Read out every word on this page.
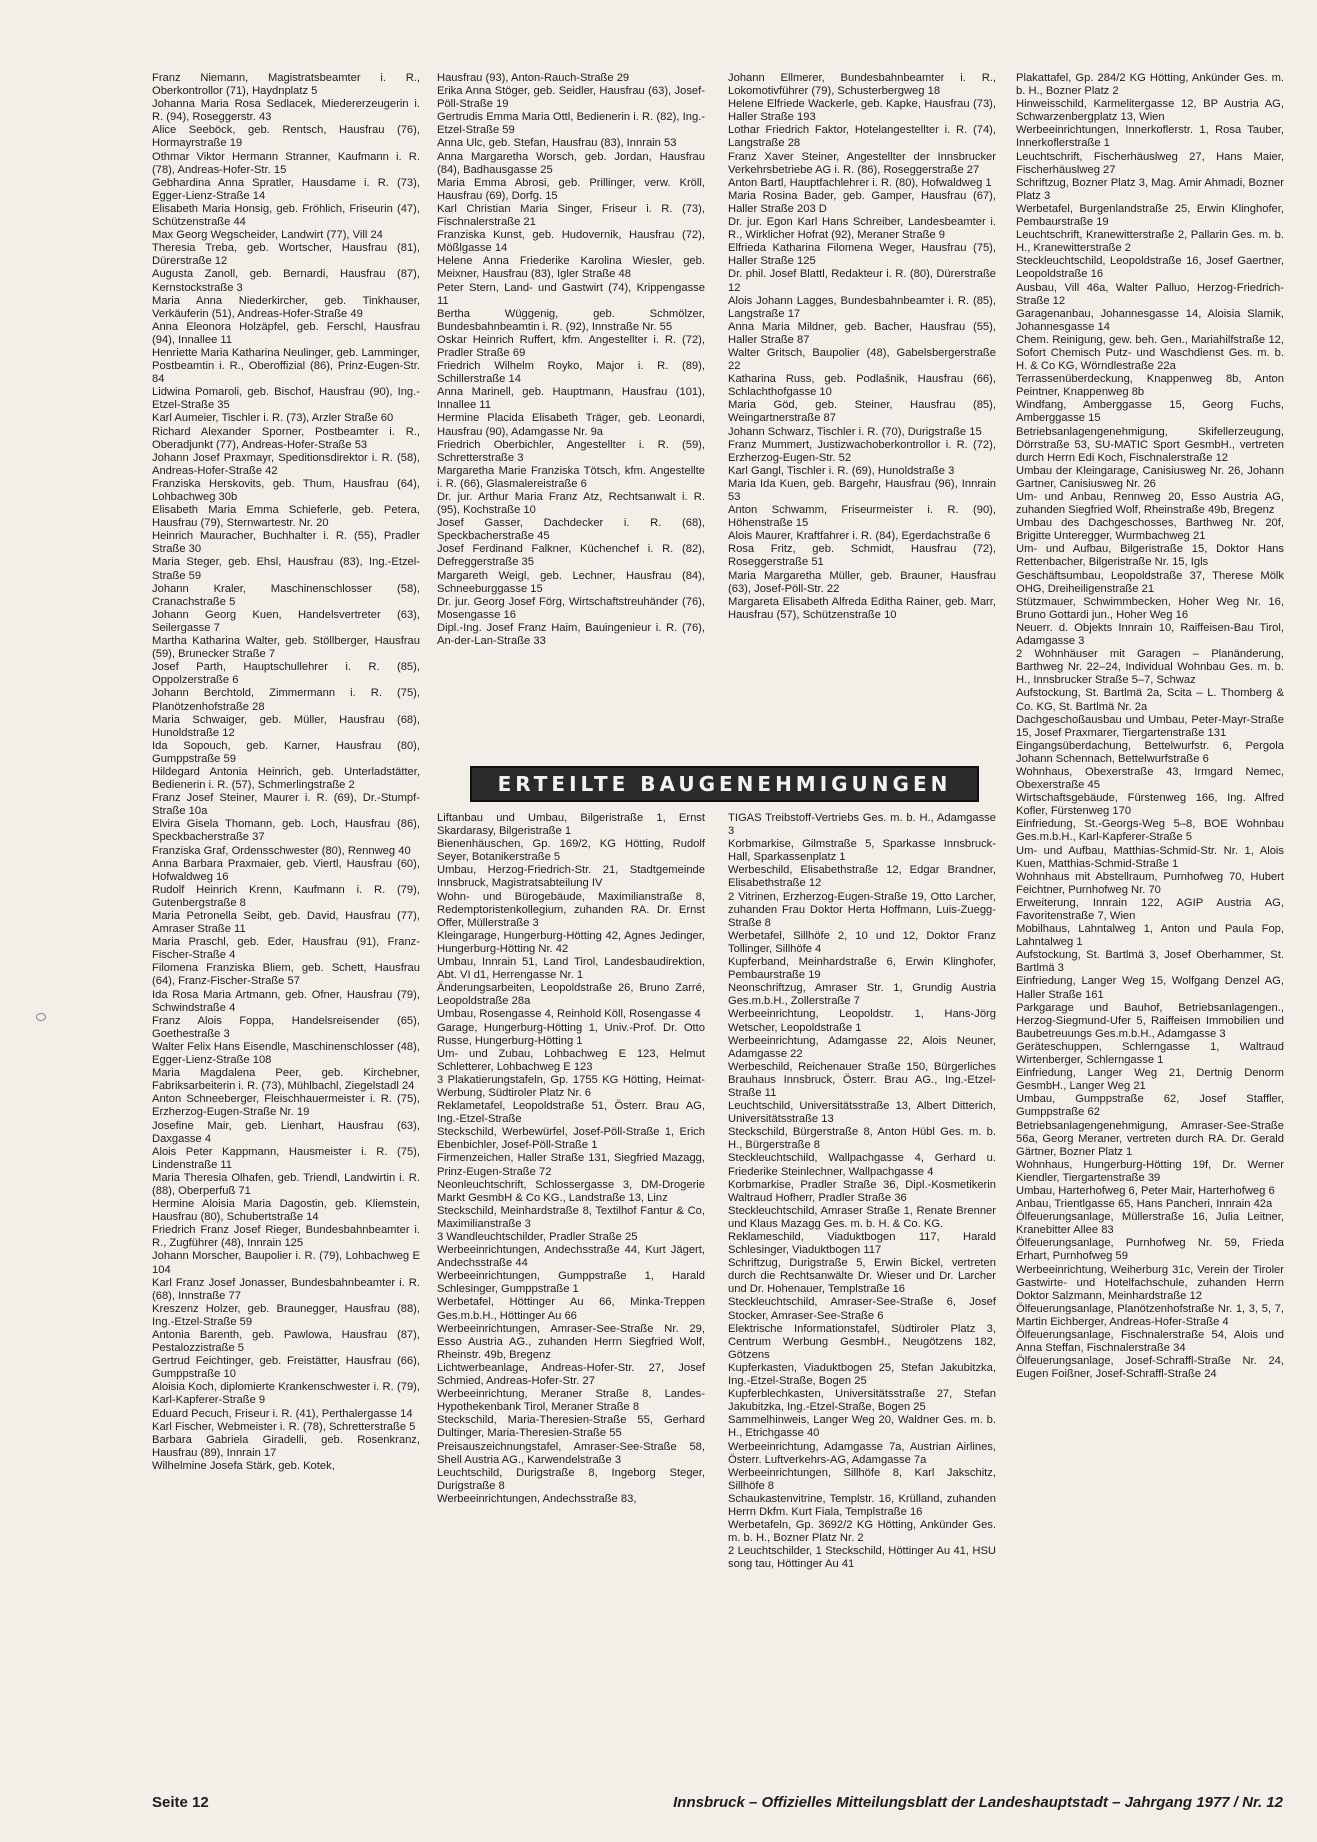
Franz Niemann, Magistratsbeamter i. R., Oberkontrollor (71), Haydnplatz 5

Johanna Maria Rosa Sedlacek, Miedererzeugerin i. R. (94), Roseggerstr. 43

Alice Seeböck, geb. Rentsch, Hausfrau (76), Hormayrstraße 19

Othmar Viktor Hermann Stranner, Kaufmann i. R. (78), Andreas-Hofer-Str. 15

Gebhardina Anna Spratler, Hausdame i. R. (73), Egger-Lienz-Straße 14

Elisabeth Maria Honsig, geb. Fröhlich, Friseurin (47), Schützenstraße 44

Max Georg Wegscheider, Landwirt (77), Vill 24

Theresia Treba, geb. Wortscher, Hausfrau (81), Dürerstraße 12

Augusta Zanoll, geb. Bernardi, Hausfrau (87), Kernstockstraße 3

Maria Anna Niederkircher, geb. Tinkhauser, Verkäuferin (51), Andreas-Hofer-Straße 49

Anna Eleonora Holzäpfel, geb. Ferschl, Hausfrau (94), Innallee 11

Henriette Maria Katharina Neulinger, geb. Lamminger, Postbeamtin i. R., Oberoffizial (86), Prinz-Eugen-Str. 84

Lidwina Pomaroli, geb. Bischof, Hausfrau (90), Ing.-Etzel-Straße 35

Karl Aumeier, Tischler i. R. (73), Arzler Straße 60

Richard Alexander Sporner, Postbeamter i. R., Oberadjunkt (77), Andreas-Hofer-Straße 53

Johann Josef Praxmayr, Speditionsdirektor i. R. (58), Andreas-Hofer-Straße 42

Franziska Herskovits, geb. Thum, Hausfrau (64), Lohbachweg 30b

Elisabeth Maria Emma Schieferle, geb. Petera, Hausfrau (79), Sternwartestr. Nr. 20

Heinrich Mauracher, Buchhalter i. R. (55), Pradler Straße 30

Maria Steger, geb. Ehsl, Hausfrau (83), Ing.-Etzel-Straße 59

Johann Kraler, Maschinenschlosser (58), Cranachstraße 5

Johann Georg Kuen, Handelsvertreter (63), Seilergasse 7

Martha Katharina Walter, geb. Stöllberger, Hausfrau (59), Brunecker Straße 7

Josef Parth, Hauptschullehrer i. R. (85), Oppolzerstraße 6

Johann Berchtold, Zimmermann i. R. (75), Planötzenhofstraße 28

Maria Schwaiger, geb. Müller, Hausfrau (68), Hunoldstraße 12

Ida Sopouch, geb. Karner, Hausfrau (80), Gumppstraße 59

Hildegard Antonia Heinrich, geb. Unterladstätter, Bedienerin i. R. (57), Schmerlingstraße 2

Franz Josef Steiner, Maurer i. R. (69), Dr.-Stumpf-Straße 10a

Elvira Gisela Thomann, geb. Loch, Hausfrau (86), Speckbacherstraße 37

Franziska Graf, Ordensschwester (80), Rennweg 40

Anna Barbara Praxmaier, geb. Viertl, Hausfrau (60), Hofwaldweg 16

Rudolf Heinrich Krenn, Kaufmann i. R. (79), Gutenbergstraße 8

Maria Petronella Seibt, geb. David, Hausfrau (77), Amraser Straße 11

Maria Praschl, geb. Eder, Hausfrau (91), Franz-Fischer-Straße 4

Filomena Franziska Bliem, geb. Schett, Hausfrau (64), Franz-Fischer-Straße 57

Ida Rosa Maria Artmann, geb. Ofner, Hausfrau (79), Schwindstraße 4

Franz Alois Foppa, Handelsreisender (65), Goethestraße 3

Walter Felix Hans Eisendle, Maschinenschlosser (48), Egger-Lienz-Straße 108

Maria Magdalena Peer, geb. Kirchebner, Fabriksarbeiterin i. R. (73), Mühlbachl, Ziegelstadl 24

Anton Schneeberger, Fleischhauermeister i. R. (75), Erzherzog-Eugen-Straße Nr. 19

Josefine Mair, geb. Lienhart, Hausfrau (63), Daxgasse 4

Alois Peter Kappmann, Hausmeister i. R. (75), Lindenstraße 11

Maria Theresia Olhafen, geb. Triendl, Landwirtin i. R. (88), Oberperfuß 71

Hermine Aloisia Maria Dagostin, geb. Kliemstein, Hausfrau (80), Schubertstraße 14

Friedrich Franz Josef Rieger, Bundesbahnbeamter i. R., Zugführer (48), Innrain 125

Johann Morscher, Baupolier i. R. (79), Lohbachweg E 104

Karl Franz Josef Jonasser, Bundesbahnbeamter i. R. (68), Innstraße 77

Kreszenz Holzer, geb. Braunegger, Hausfrau (88), Ing.-Etzel-Straße 59

Antonia Barenth, geb. Pawlowa, Hausfrau (87), Pestalozzistraße 5

Gertrud Feichtinger, geb. Freistätter, Hausfrau (66), Gumppstraße 10

Aloisia Koch, diplomierte Krankenschwester i. R. (79), Karl-Kapferer-Straße 9

Eduard Pecuch, Friseur i. R. (41), Perthalergasse 14

Karl Fischer, Webmeister i. R. (78), Schretterstraße 5

Barbara Gabriela Giradelli, geb. Rosenkranz, Hausfrau (89), Innrain 17

Wilhelmine Josefa Stärk, geb. Kotek,

Hausfrau (93), Anton-Rauch-Straße 29

Erika Anna Stöger, geb. Seidler, Hausfrau (63), Josef-Pöll-Straße 19

Gertrudis Emma Maria Ottl, Bedienerin i. R. (82), Ing.-Etzel-Straße 59

Anna Ulc, geb. Stefan, Hausfrau (83), Innrain 53

Anna Margaretha Worsch, geb. Jordan, Hausfrau (84), Badhausgasse 25

Maria Emma Abrosi, geb. Prillinger, verw. Kröll, Hausfrau (69), Dorfg. 15

Karl Christian Maria Singer, Friseur i. R. (73), Fischnalerstraße 21

Franziska Kunst, geb. Hudovernik, Hausfrau (72), Mößlgasse 14

Helene Anna Friederike Karolina Wiesler, geb. Meixner, Hausfrau (83), Igler Straße 48

Peter Stern, Land- und Gastwirt (74), Krippengasse 11

Bertha Wüggenig, geb. Schmölzer, Bundesbahnbeamtin i. R. (92), Innstraße Nr. 55

Oskar Heinrich Ruffert, kfm. Angestellter i. R. (72), Pradler Straße 69

Friedrich Wilhelm Royko, Major i. R. (89), Schillerstraße 14

Anna Marinell, geb. Hauptmann, Hausfrau (101), Innallee 11

Hermine Placida Elisabeth Träger, geb. Leonardi, Hausfrau (90), Adamgasse Nr. 9a

Friedrich Oberbichler, Angestellter i. R. (59), Schretterstraße 3

Margaretha Marie Franziska Tötsch, kfm. Angestellte i. R. (66), Glasmalereistraße 6

Dr. jur. Arthur Maria Franz Atz, Rechtsanwalt i. R. (95), Kochstraße 10

Josef Gasser, Dachdecker i. R. (68), Speckbacherstraße 45

Josef Ferdinand Falkner, Küchenchef i. R. (82), Defreggerstraße 35

Margareth Weigl, geb. Lechner, Hausfrau (84), Schneeburggasse 15

Dr. jur. Georg Josef Förg, Wirtschaftstreuhänder (76), Mosengasse 16

Dipl.-Ing. Josef Franz Haim, Bauingenieur i. R. (76), An-der-Lan-Straße 33

Johann Ellmerer, Bundesbahnbeamter i. R., Lokomotivführer (79), Schusterbergweg 18

Helene Elfriede Wackerle, geb. Kapke, Hausfrau (73), Haller Straße 193

Lothar Friedrich Faktor, Hotelangestellter i. R. (74), Langstraße 28

Franz Xaver Steiner, Angestellter der Innsbrucker Verkehrsbetriebe AG i. R. (86), Roseggerstraße 27

Anton Bartl, Hauptfachlehrer i. R. (80), Hofwaldweg 1

Maria Rosina Bader, geb. Gamper, Hausfrau (67), Haller Straße 203 D

Dr. jur. Egon Karl Hans Schreiber, Landesbeamter i. R., Wirklicher Hofrat (92), Meraner Straße 9

Elfrieda Katharina Filomena Weger, Hausfrau (75), Haller Straße 125

Dr. phil. Josef Blattl, Redakteur i. R. (80), Dürerstraße 12

Alois Johann Lagges, Bundesbahnbeamter i. R. (85), Langstraße 17

Anna Maria Mildner, geb. Bacher, Hausfrau (55), Haller Straße 87

Walter Gritsch, Baupolier (48), Gabelsbergerstraße 22

Katharina Russ, geb. Podlašnik, Hausfrau (66), Schlachthofgasse 10

Maria Göd, geb. Steiner, Hausfrau (85), Weingartnerstraße 87

Johann Schwarz, Tischler i. R. (70), Durigstraße 15

Franz Mummert, Justizwachoberkontrollor i. R. (72), Erzherzog-Eugen-Str. 52

Karl Gangl, Tischler i. R. (69), Hunoldstraße 3

Maria Ida Kuen, geb. Bargehr, Hausfrau (96), Innrain 53

Anton Schwamm, Friseurmeister i. R. (90), Höhenstraße 15

Alois Maurer, Kraftfahrer i. R. (84), Egerdachstraße 6

Rosa Fritz, geb. Schmidt, Hausfrau (72), Roseggerstraße 51

Maria Margaretha Müller, geb. Brauner, Hausfrau (63), Josef-Pöll-Str. 22

Margareta Elisabeth Alfreda Editha Rainer, geb. Marr, Hausfrau (57), Schützenstraße 10

Plakattafel, Gp. 284/2 KG Hötting, Ankünder Ges. m. b. H., Bozner Platz 2

Hinweisschild, Karmelitergasse 12, BP Austria AG, Schwarzenbergplatz 13, Wien

Werbeeinrichtungen, Innerkoflerstr. 1, Rosa Tauber, Innerkoflerstraße 1

Leuchtschrift, Fischerhäuslweg 27, Hans Maier, Fischerhäuslweg 27

Schriftzug, Bozner Platz 3, Mag. Amir Ahmadi, Bozner Platz 3

Werbetafel, Burgenlandstraße 25, Erwin Klinghofer, Pembaurstraße 19

Leuchtschrift, Kranewitterstraße 2, Pallarin Ges. m. b. H., Kranewitterstraße 2

Steckleuchtschild, Leopoldstraße 16, Josef Gaertner, Leopoldstraße 16

Ausbau, Vill 46a, Walter Palluo, Herzog-Friedrich-Straße 12

Garagenanbau, Johannesgasse 14, Aloisia Slamik, Johannesgasse 14

Chem. Reinigung, gew. beh. Gen., Mariahilfstraße 12, Sofort Chemisch Putz- und Waschdienst Ges. m. b. H. & Co KG, Wörndlestraße 22a

Terrassenüberdeckung, Knappenweg 8b, Anton Peintner, Knappenweg 8b

Windfang, Amberggasse 15, Georg Fuchs, Amberggasse 15

Betriebsanlagengenehmigung, Skifellerzeugung, Dörrstraße 53, SU-MATIC Sport GesmbH., vertreten durch Herrn Edi Koch, Fischnalerstraße 12

Umbau der Kleingarage, Canisiusweg Nr. 26, Johann Gartner, Canisiusweg Nr. 26

Um- und Anbau, Rennweg 20, Esso Austria AG, zuhanden Siegfried Wolf, Rheinstraße 49b, Bregenz

Umbau des Dachgeschosses, Barthweg Nr. 20f, Brigitte Unteregger, Wurmbachweg 21

Um- und Aufbau, Bilgeristraße 15, Doktor Hans Rettenbacher, Bilgeristraße Nr. 15, Igls

Geschäftsumbau, Leopoldstraße 37, Therese Mölk OHG, Dreiheiligenstraße 21

Stützmauer, Schwimmbecken, Hoher Weg Nr. 16, Bruno Gottardi jun., Hoher Weg 16

Neuerr. d. Objekts Innrain 10, Raiffeisen-Bau Tirol, Adamgasse 3

2 Wohnhäuser mit Garagen – Planänderung, Barthweg Nr. 22–24, Individual Wohnbau Ges. m. b. H., Innsbrucker Straße 5–7, Schwaz

Aufstockung, St. Bartlmä 2a, Scita – L. Thomberg & Co. KG, St. Bartlmä Nr. 2a

Dachgeschoßausbau und Umbau, Peter-Mayr-Straße 15, Josef Praxmarer, Tiergartenstraße 131

Eingangsüberdachung, Bettelwurfstr. 6, Pergola Johann Schennach, Bettelwurfstraße 6

Wohnhaus, Obexerstraße 43, Irmgard Nemec, Obexerstraße 45

Wirtschaftsgebäude, Fürstenweg 166, Ing. Alfred Kofler, Fürstenweg 170

Einfriedung, St.-Georgs-Weg 5–8, BOE Wohnbau Ges.m.b.H., Karl-Kapferer-Straße 5

Um- und Aufbau, Matthias-Schmid-Str. Nr. 1, Alois Kuen, Matthias-Schmid-Straße 1

Wohnhaus mit Abstellraum, Purnhofweg 70, Hubert Feichtner, Purnhofweg Nr. 70

Erweiterung, Innrain 122, AGIP Austria AG, Favoritenstraße 7, Wien

Mobilhaus, Lahntalweg 1, Anton und Paula Fop, Lahntalweg 1

Aufstockung, St. Bartlmä 3, Josef Oberhammer, St. Bartlmä 3

Einfriedung, Langer Weg 15, Wolfgang Denzel AG, Haller Straße 161

Parkgarage und Bauhof, Betriebsanlagengen., Herzog-Siegmund-Ufer 5, Raiffeisen Immobilien und Baubetreuungs Ges.m.b.H., Adamgasse 3

Geräteschuppen, Schlerngasse 1, Waltraud Wirtenberger, Schlerngasse 1

Einfriedung, Langer Weg 21, Dertnig Denorm GesmbH., Langer Weg 21

Umbau, Gumppstraße 62, Josef Staffler, Gumppstraße 62

Betriebsanlagengenehmigung, Amraser-See-Straße 56a, Georg Meraner, vertreten durch RA. Dr. Gerald Gärtner, Bozner Platz 1

Wohnhaus, Hungerburg-Hötting 19f, Dr. Werner Kiendler, Tiergartenstraße 39

Umbau, Harterhofweg 6, Peter Mair, Harterhofweg 6

Anbau, Trientlgasse 65, Hans Pancheri, Innrain 42a

Ölfeuerungsanlage, Müllerstraße 16, Julia Leitner, Kranebitter Allee 83

Ölfeuerungsanlage, Purnhofweg Nr. 59, Frieda Erhart, Purnhofweg 59

Werbeeinrichtung, Weiherburg 31c, Verein der Tiroler Gastwirte- und Hotelfachschule, zuhanden Herrn Doktor Salzmann, Meinhardstraße 12

Ölfeuerungsanlage, Planötzenhofstraße Nr. 1, 3, 5, 7, Martin Eichberger, Andreas-Hofer-Straße 4

Ölfeuerungsanlage, Fischnalerstraße 54, Alois und Anna Steffan, Fischnalerstraße 34

Ölfeuerungsanlage, Josef-Schraffl-Straße Nr. 24, Eugen Foißner, Josef-Schraffl-Straße 24

ERTEILTE BAUGENEHMIGUNGEN

Liftanbau und Umbau, Bilgeristraße 1, Ernst Skardarasy, Bilgeristraße 1

Bienenhäuschen, Gp. 169/2, KG Hötting, Rudolf Seyer, Botanikerstraße 5

Umbau, Herzog-Friedrich-Str. 21, Stadtgemeinde Innsbruck, Magistratsabteilung IV

Wohn- und Bürogebäude, Maximilianstraße 8, Redemptoristenkollegium, zuhanden RA. Dr. Ernst Offer, Müllerstraße 3

Kleingarage, Hungerburg-Hötting 42, Agnes Jedinger, Hungerburg-Hötting Nr. 42

Umbau, Innrain 51, Land Tirol, Landesbaudirektion, Abt. VI d1, Herrengasse Nr. 1

Änderungsarbeiten, Leopoldstraße 26, Bruno Zarré, Leopoldstraße 28a

Umbau, Rosengasse 4, Reinhold Köll, Rosengasse 4

Garage, Hungerburg-Hötting 1, Univ.-Prof. Dr. Otto Russe, Hungerburg-Hötting 1

Um- und Zubau, Lohbachweg E 123, Helmut Schletterer, Lohbachweg E 123

3 Plakatierungstafeln, Gp. 1755 KG Hötting, Heimat-Werbung, Südtiroler Platz Nr. 6

Reklametafel, Leopoldstraße 51, Österr. Brau AG, Ing.-Etzel-Straße

Steckschild, Werbewürfel, Josef-Pöll-Straße 1, Erich Ebenbichler, Josef-Pöll-Straße 1

Firmenzeichen, Haller Straße 131, Siegfried Mazagg, Prinz-Eugen-Straße 72

Neonleuchtschrift, Schlossergasse 3, DM-Drogerie Markt GesmbH & Co KG., Landstraße 13, Linz

Steckschild, Meinhardstraße 8, Textilhof Fantur & Co, Maximilianstraße 3

3 Wandleuchtschilder, Pradler Straße 25

Werbeeinrichtungen, Andechsstraße 44, Kurt Jägert, Andechsstraße 44

Werbeeinrichtungen, Gumppstraße 1, Harald Schlesinger, Gumppstraße 1

Werbetafel, Höttinger Au 66, Minka-Treppen Ges.m.b.H., Höttinger Au 66

Werbeeinrichtungen, Amraser-See-Straße Nr. 29, Esso Austria AG., zuhanden Herrn Siegfried Wolf, Rheinstr. 49b, Bregenz

Lichtwerbeanlage, Andreas-Hofer-Str. 27, Josef Schmied, Andreas-Hofer-Str. 27

Werbeeinrichtung, Meraner Straße 8, Landes-Hypothekenbank Tirol, Meraner Straße 8

Steckschild, Maria-Theresien-Straße 55, Gerhard Dultinger, Maria-Theresien-Straße 55

Preisauszeichnungstafel, Amraser-See-Straße 58, Shell Austria AG., Karwendelstraße 3

Leuchtschild, Durigstraße 8, Ingeborg Steger, Durigstraße 8

Werbeeinrichtungen, Andechsstraße 83,

TIGAS Treibstoff-Vertriebs Ges. m. b. H., Adamgasse 3

Korbmarkise, Gilmstraße 5, Sparkasse Innsbruck-Hall, Sparkassenplatz 1

Werbeschild, Elisabethstraße 12, Edgar Brandner, Elisabethstraße 12

2 Vitrinen, Erzherzog-Eugen-Straße 19, Otto Larcher, zuhanden Frau Doktor Herta Hoffmann, Luis-Zuegg-Straße 8

Werbetafel, Sillhöfe 2, 10 und 12, Doktor Franz Tollinger, Sillhöfe 4

Kupferband, Meinhardstraße 6, Erwin Klinghofer, Pembaurstraße 19

Neonschriftzug, Amraser Str. 1, Grundig Austria Ges.m.b.H., Zollerstraße 7

Werbeeinrichtung, Leopoldstr. 1, Hans-Jörg Wetscher, Leopoldstraße 1

Werbeeinrichtung, Adamgasse 22, Alois Neuner, Adamgasse 22

Werbeschild, Reichenauer Straße 150, Bürgerliches Brauhaus Innsbruck, Österr. Brau AG., Ing.-Etzel-Straße 11

Leuchtschild, Universitätsstraße 13, Albert Ditterich, Universitätsstraße 13

Steckschild, Bürgerstraße 8, Anton Hübl Ges. m. b. H., Bürgerstraße 8

Steckleuchtschild, Wallpachgasse 4, Gerhard u. Friederike Steinlechner, Wallpachgasse 4

Korbmarkise, Pradler Straße 36, Dipl.-Kosmetikerin Waltraud Hofherr, Pradler Straße 36

Steckleuchtschild, Amraser Straße 1, Renate Brenner und Klaus Mazagg Ges. m. b. H. & Co. KG.

Reklameschild, Viaduktbogen 117, Harald Schlesinger, Viaduktbogen 117

Schriftzug, Durigstraße 5, Erwin Bickel, vertreten durch die Rechtsanwälte Dr. Wieser und Dr. Larcher und Dr. Hohenauer, Templstraße 16

Steckleuchtschild, Amraser-See-Straße 6, Josef Stocker, Amraser-See-Straße 6

Elektrische Informationstafel, Südtiroler Platz 3, Centrum Werbung GesmbH., Neugötzens 182, Götzens

Kupferkasten, Viaduktbogen 25, Stefan Jakubitzka, Ing.-Etzel-Straße, Bogen 25

Kupferblechkasten, Universitätsstraße 27, Stefan Jakubitzka, Ing.-Etzel-Straße, Bogen 25

Sammelhinweis, Langer Weg 20, Waldner Ges. m. b. H., Etrichgasse 40

Werbeeinrichtung, Adamgasse 7a, Austrian Airlines, Österr. Luftverkehrs-AG, Adamgasse 7a

Werbeeinrichtungen, Sillhöfe 8, Karl Jakschitz, Sillhöfe 8

Schaukastenvitrine, Templstr. 16, Krülland, zuhanden Herrn Dkfm. Kurt Fiala, Templstraße 16

Werbetafeln, Gp. 3692/2 KG Hötting, Ankünder Ges. m. b. H., Bozner Platz Nr. 2

2 Leuchtschilder, 1 Steckschild, Höttinger Au 41, HSU song tau, Höttinger Au 41

Seite 12	Innsbruck – Offizielles Mitteilungsblatt der Landeshauptstadt – Jahrgang 1977 / Nr. 12
